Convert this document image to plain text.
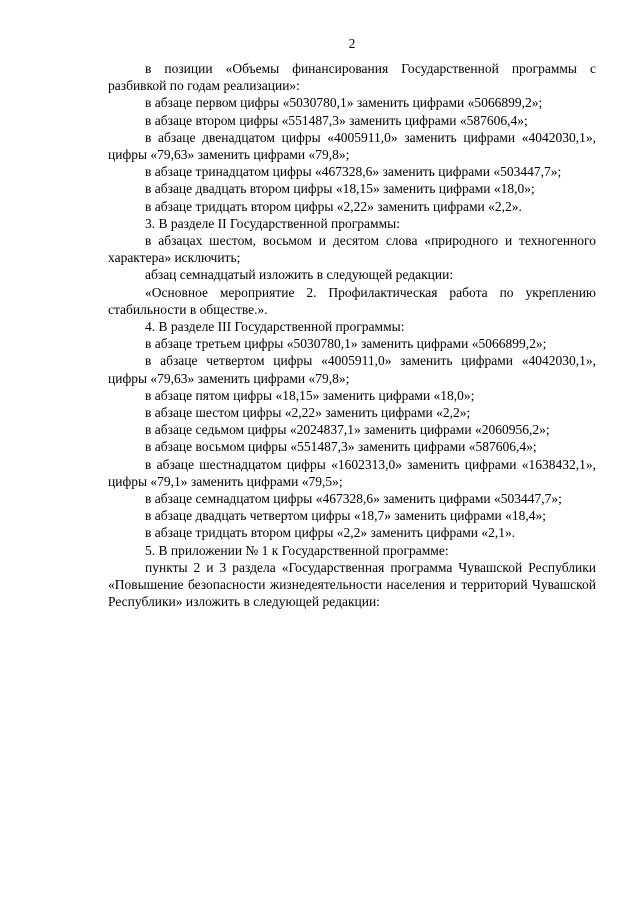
2
в позиции «Объемы финансирования Государственной программы с разбивкой по годам реализации»:
в абзаце первом цифры «5030780,1» заменить цифрами «5066899,2»;
в абзаце втором цифры «551487,3» заменить цифрами «587606,4»;
в абзаце двенадцатом цифры «4005911,0» заменить цифрами «4042030,1», цифры «79,63» заменить цифрами «79,8»;
в абзаце тринадцатом цифры «467328,6» заменить цифрами «503447,7»;
в абзаце двадцать втором цифры «18,15» заменить цифрами «18,0»;
в абзаце тридцать втором цифры «2,22» заменить цифрами «2,2».
3. В разделе II Государственной программы:
в абзацах шестом, восьмом и десятом слова «природного и техногенного характера» исключить;
абзац семнадцатый изложить в следующей редакции:
«Основное мероприятие 2. Профилактическая работа по укреплению стабильности в обществе.».
4. В разделе III Государственной программы:
в абзаце третьем цифры «5030780,1» заменить цифрами «5066899,2»;
в абзаце четвертом цифры «4005911,0» заменить цифрами «4042030,1», цифры «79,63» заменить цифрами «79,8»;
в абзаце пятом цифры «18,15» заменить цифрами «18,0»;
в абзаце шестом цифры «2,22» заменить цифрами «2,2»;
в абзаце седьмом цифры «2024837,1» заменить цифрами «2060956,2»;
в абзаце восьмом цифры «551487,3» заменить цифрами «587606,4»;
в абзаце шестнадцатом цифры «1602313,0» заменить цифрами «1638432,1», цифры «79,1» заменить цифрами «79,5»;
в абзаце семнадцатом цифры «467328,6» заменить цифрами «503447,7»;
в абзаце двадцать четвертом цифры «18,7» заменить цифрами «18,4»;
в абзаце тридцать втором цифры «2,2» заменить цифрами «2,1».
5. В приложении № 1 к Государственной программе:
пункты 2 и 3 раздела «Государственная программа Чувашской Республики «Повышение безопасности жизнедеятельности населения и территорий Чувашской Республики» изложить в следующей редакции:
